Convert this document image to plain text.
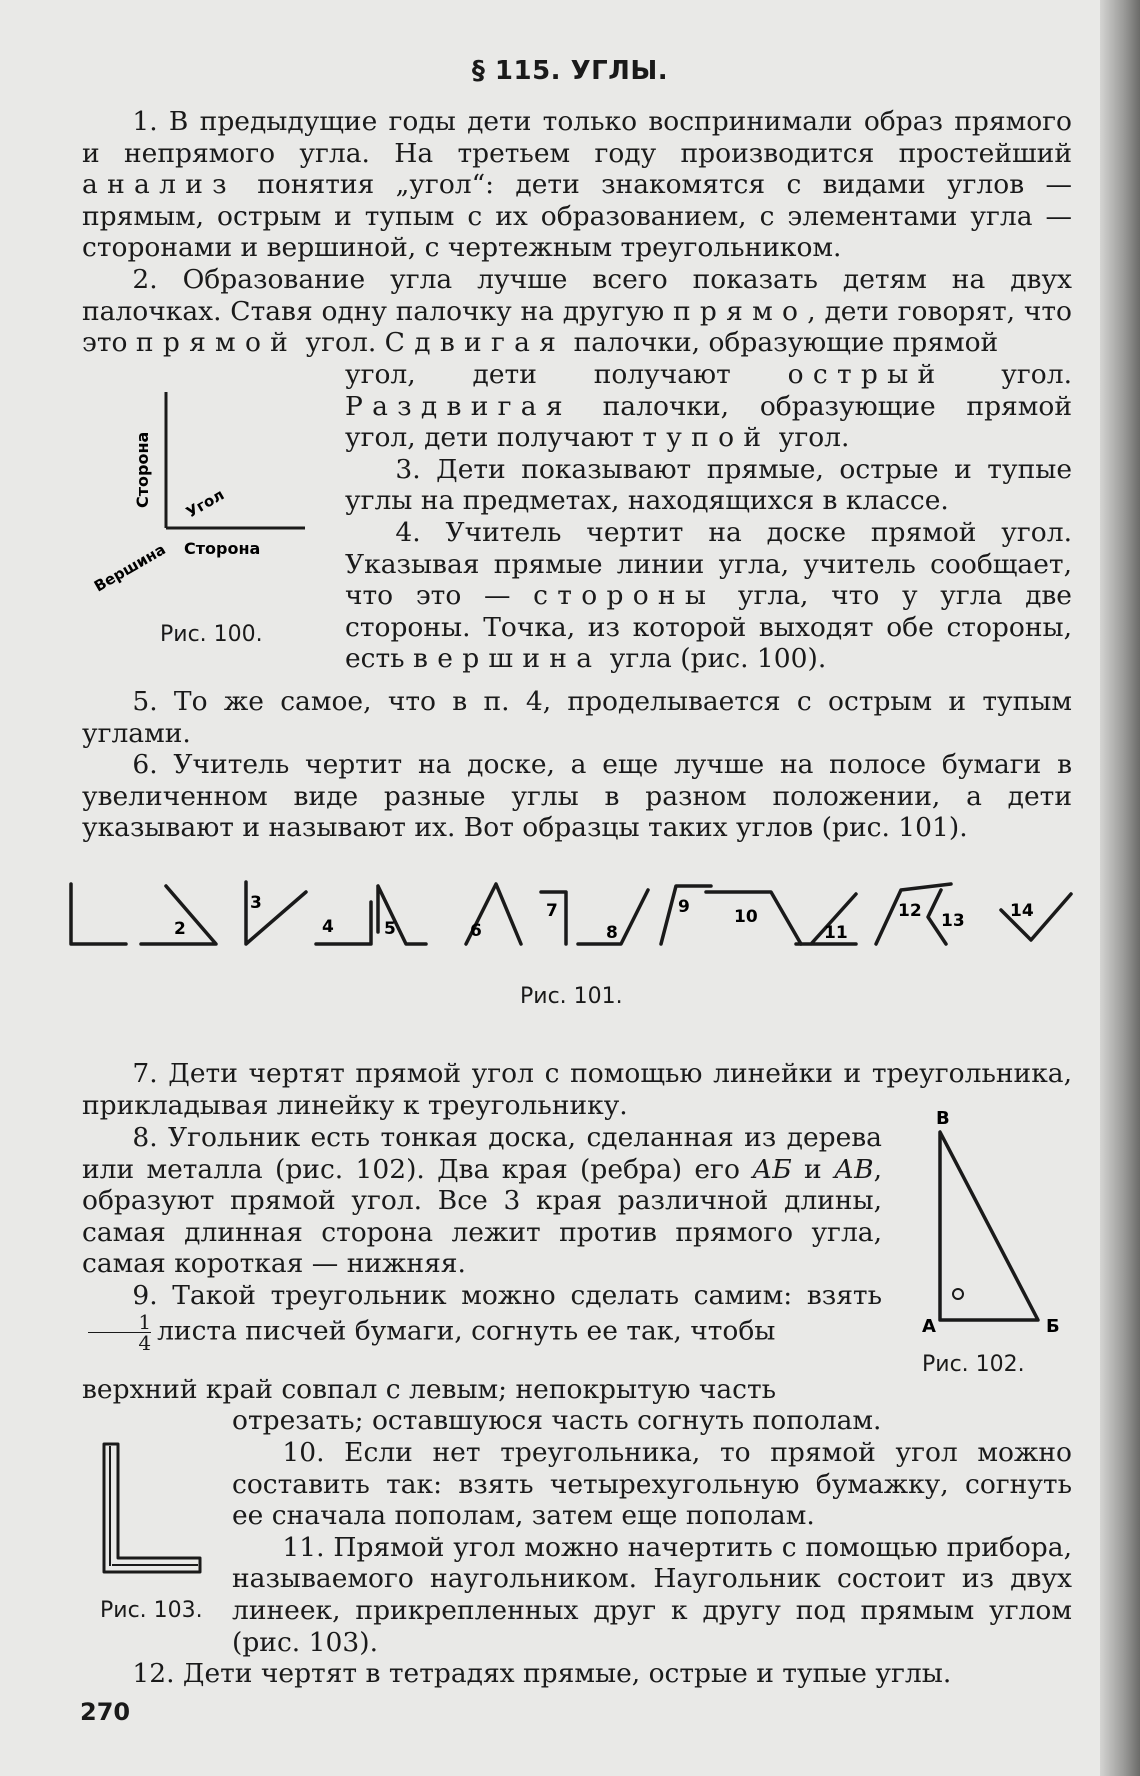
§ 115. УГЛЫ.

1. В предыдущие годы дети только воспринимали образ прямого и непрямого угла. На третьем году производится простейший анализ понятия „угол“: дети знакомятся с видами углов — прямым, острым и тупым с их образованием, с элементами угла — сторонами и вершиной, с чертежным треугольником.

2. Образование угла лучше всего показать детям на двух палочках. Ставя одну палочку на другую прямо, дети говорят, что это прямой угол. Сдвигая палочки, образующие прямой

угол, дети получают острый угол. Раздвигая палочки, образующие прямой угол, дети получают тупой угол.

3. Дети показывают прямые, острые и тупые углы на предметах, находящихся в классе.

4. Учитель чертит на доске прямой угол. Указывая прямые линии угла, учитель сообщает, что это — стороны угла, что у угла две стороны. Точка, из которой выходят обе стороны, есть вершина угла (рис. 100).

Сторона Угол
Сторона
Вершина
Рис. 100.

5. То же самое, что в п. 4, проделывается с острым и тупым углами.

6. Учитель чертит на доске, а еще лучше на полосе бумаги в увеличенном виде разные углы в разном положении, а дети указывают и называют их. Вот образцы таких углов (рис. 101).

2
3
4	5	6
7
8
9	10
11
12 13	14
Рис. 101.

7. Дети чертят прямой угол с помощью линейки и треугольника, прикладывая линейку к треугольнику.

8. Угольник есть тонкая доска, сделанная из дерева или металла (рис. 102). Два края (ребра) его АБ и АВ, образуют прямой угол. Все 3 края различной длины, самая длинная сторона лежит против прямого угла, самая короткая — нижняя.

9. Такой треугольник можно сделать самим: взять
$\frac{1}{4}$ листа писчей бумаги, согнуть ее так, чтобы

В
А	Б
Рис. 102.

верхний край совпал с левым; непокрытую часть

отрезать; оставшуюся часть согнуть пополам.

10. Если нет треугольника, то прямой угол можно составить так: взять четырехугольную бумажку, согнуть ее сначала пополам, затем еще пополам.

11. Прямой угол можно начертить с помощью прибора, называемого наугольником. Наугольник состоит из двух линеек, прикрепленных друг к другу под прямым углом (рис. 103).

Рис. 103.

12. Дети чертят в тетрадях прямые, острые и тупые углы.

270
